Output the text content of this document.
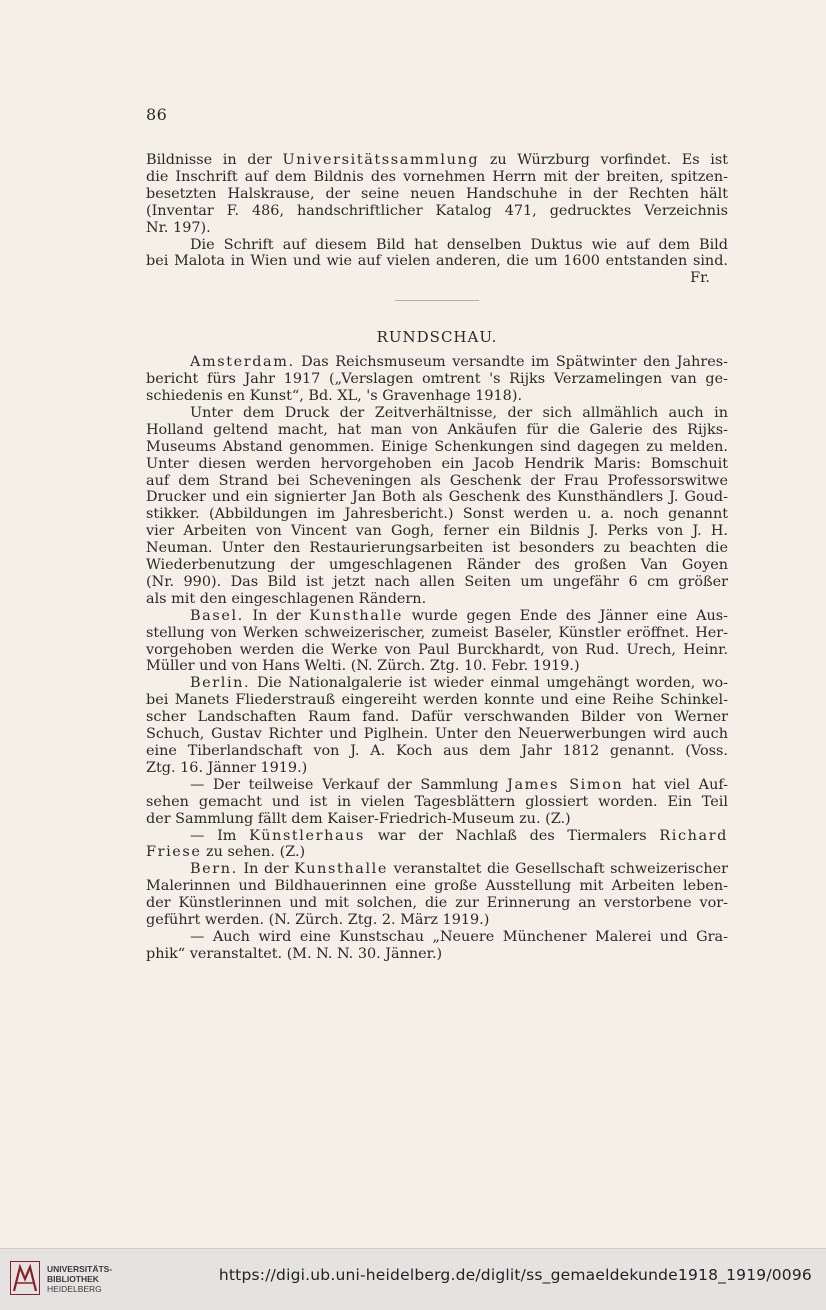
86
Bildnisse in der Universitätssammlung zu Würzburg vorfindet. Es ist
die Inschrift auf dem Bildnis des vornehmen Herrn mit der breiten, spitzen-
besetzten Halskrause, der seine neuen Handschuhe in der Rechten hält
(Inventar F. 486, handschriftlicher Katalog 471, gedrucktes Verzeichnis
Nr. 197).
Die Schrift auf diesem Bild hat denselben Duktus wie auf dem Bild
bei Malota in Wien und wie auf vielen anderen, die um 1600 entstanden sind.
Fr.
RUNDSCHAU.
Amsterdam. Das Reichsmuseum versandte im Spätwinter den Jahres-
bericht fürs Jahr 1917 („Verslagen omtrent 's Rijks Verzamelingen van ge-
schiedenis en Kunst“, Bd. XL, 's Gravenhage 1918).
Unter dem Druck der Zeitverhältnisse, der sich allmählich auch in
Holland geltend macht, hat man von Ankäufen für die Galerie des Rijks-
Museums Abstand genommen. Einige Schenkungen sind dagegen zu melden.
Unter diesen werden hervorgehoben ein Jacob Hendrik Maris: Bomschuit
auf dem Strand bei Scheveningen als Geschenk der Frau Professorswitwe
Drucker und ein signierter Jan Both als Geschenk des Kunsthändlers J. Goud-
stikker. (Abbildungen im Jahresbericht.) Sonst werden u. a. noch genannt
vier Arbeiten von Vincent van Gogh, ferner ein Bildnis J. Perks von J. H.
Neuman. Unter den Restaurierungsarbeiten ist besonders zu beachten die
Wiederbenutzung der umgeschlagenen Ränder des großen Van Goyen
(Nr. 990). Das Bild ist jetzt nach allen Seiten um ungefähr 6 cm größer
als mit den eingeschlagenen Rändern.
Basel. In der Kunsthalle wurde gegen Ende des Jänner eine Aus-
stellung von Werken schweizerischer, zumeist Baseler, Künstler eröffnet. Her-
vorgehoben werden die Werke von Paul Burckhardt, von Rud. Urech, Heinr.
Müller und von Hans Welti. (N. Zürch. Ztg. 10. Febr. 1919.)
Berlin. Die Nationalgalerie ist wieder einmal umgehängt worden, wo-
bei Manets Fliederstrauß eingereiht werden konnte und eine Reihe Schinkel-
scher Landschaften Raum fand. Dafür verschwanden Bilder von Werner
Schuch, Gustav Richter und Piglhein. Unter den Neuerwerbungen wird auch
eine Tiberlandschaft von J. A. Koch aus dem Jahr 1812 genannt. (Voss.
Ztg. 16. Jänner 1919.)
— Der teilweise Verkauf der Sammlung James Simon hat viel Auf-
sehen gemacht und ist in vielen Tagesblättern glossiert worden. Ein Teil
der Sammlung fällt dem Kaiser-Friedrich-Museum zu. (Z.)
— Im Künstlerhaus war der Nachlaß des Tiermalers Richard
Friese zu sehen. (Z.)
Bern. In der Kunsthalle veranstaltet die Gesellschaft schweizerischer
Malerinnen und Bildhauerinnen eine große Ausstellung mit Arbeiten leben-
der Künstlerinnen und mit solchen, die zur Erinnerung an verstorbene vor-
geführt werden. (N. Zürch. Ztg. 2. März 1919.)
— Auch wird eine Kunstschau „Neuere Münchener Malerei und Gra-
phik“ veranstaltet. (M. N. N. 30. Jänner.)
UNIVERSITÄTS-
BIBLIOTHEK
HEIDELBERG
https://digi.ub.uni-heidelberg.de/diglit/ss_gemaeldekunde1918_1919/0096
